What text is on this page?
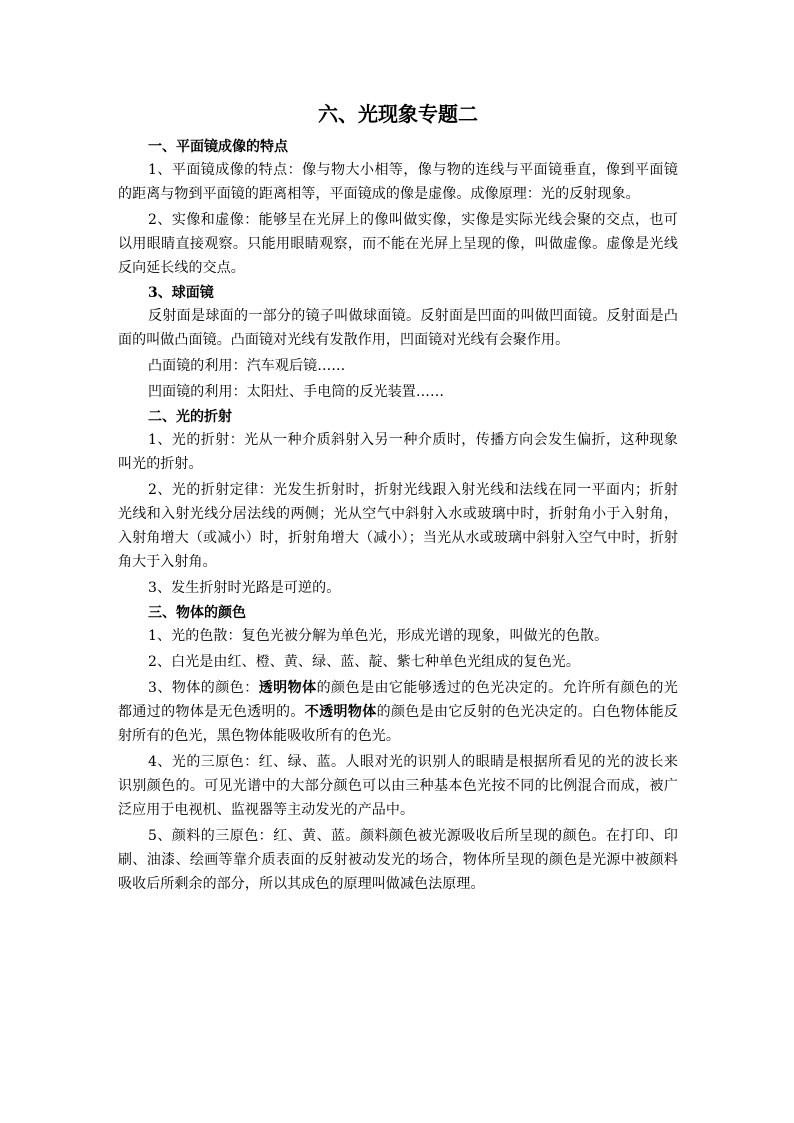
六、光现象专题二

一、平面镜成像的特点

1、平面镜成像的特点：像与物大小相等，像与物的连线与平面镜垂直，像到平面镜的距离与物到平面镜的距离相等，平面镜成的像是虚像。成像原理：光的反射现象。

2、实像和虚像：能够呈在光屏上的像叫做实像，实像是实际光线会聚的交点，也可以用眼睛直接观察。只能用眼睛观察，而不能在光屏上呈现的像，叫做虚像。虚像是光线反向延长线的交点。

3、球面镜

反射面是球面的一部分的镜子叫做球面镜。反射面是凹面的叫做凹面镜。反射面是凸面的叫做凸面镜。凸面镜对光线有发散作用，凹面镜对光线有会聚作用。

凸面镜的利用：汽车观后镜……

凹面镜的利用：太阳灶、手电筒的反光装置……

二、光的折射

1、光的折射：光从一种介质斜射入另一种介质时，传播方向会发生偏折，这种现象叫光的折射。

2、光的折射定律：光发生折射时，折射光线跟入射光线和法线在同一平面内；折射光线和入射光线分居法线的两侧；光从空气中斜射入水或玻璃中时，折射角小于入射角，入射角增大（或减小）时，折射角增大（减小）；当光从水或玻璃中斜射入空气中时，折射角大于入射角。

3、发生折射时光路是可逆的。

三、物体的颜色

1、光的色散：复色光被分解为单色光，形成光谱的现象，叫做光的色散。

2、白光是由红、橙、黄、绿、蓝、靛、紫七种单色光组成的复色光。

3、物体的颜色：透明物体的颜色是由它能够透过的色光决定的。允许所有颜色的光都通过的物体是无色透明的。不透明物体的颜色是由它反射的色光决定的。白色物体能反射所有的色光，黑色物体能吸收所有的色光。

4、光的三原色：红、绿、蓝。人眼对光的识别人的眼睛是根据所看见的光的波长来识别颜色的。可见光谱中的大部分颜色可以由三种基本色光按不同的比例混合而成，被广泛应用于电视机、监视器等主动发光的产品中。

5、颜料的三原色：红、黄、蓝。颜料颜色被光源吸收后所呈现的颜色。在打印、印刷、油漆、绘画等靠介质表面的反射被动发光的场合，物体所呈现的颜色是光源中被颜料吸收后所剩余的部分，所以其成色的原理叫做减色法原理。
